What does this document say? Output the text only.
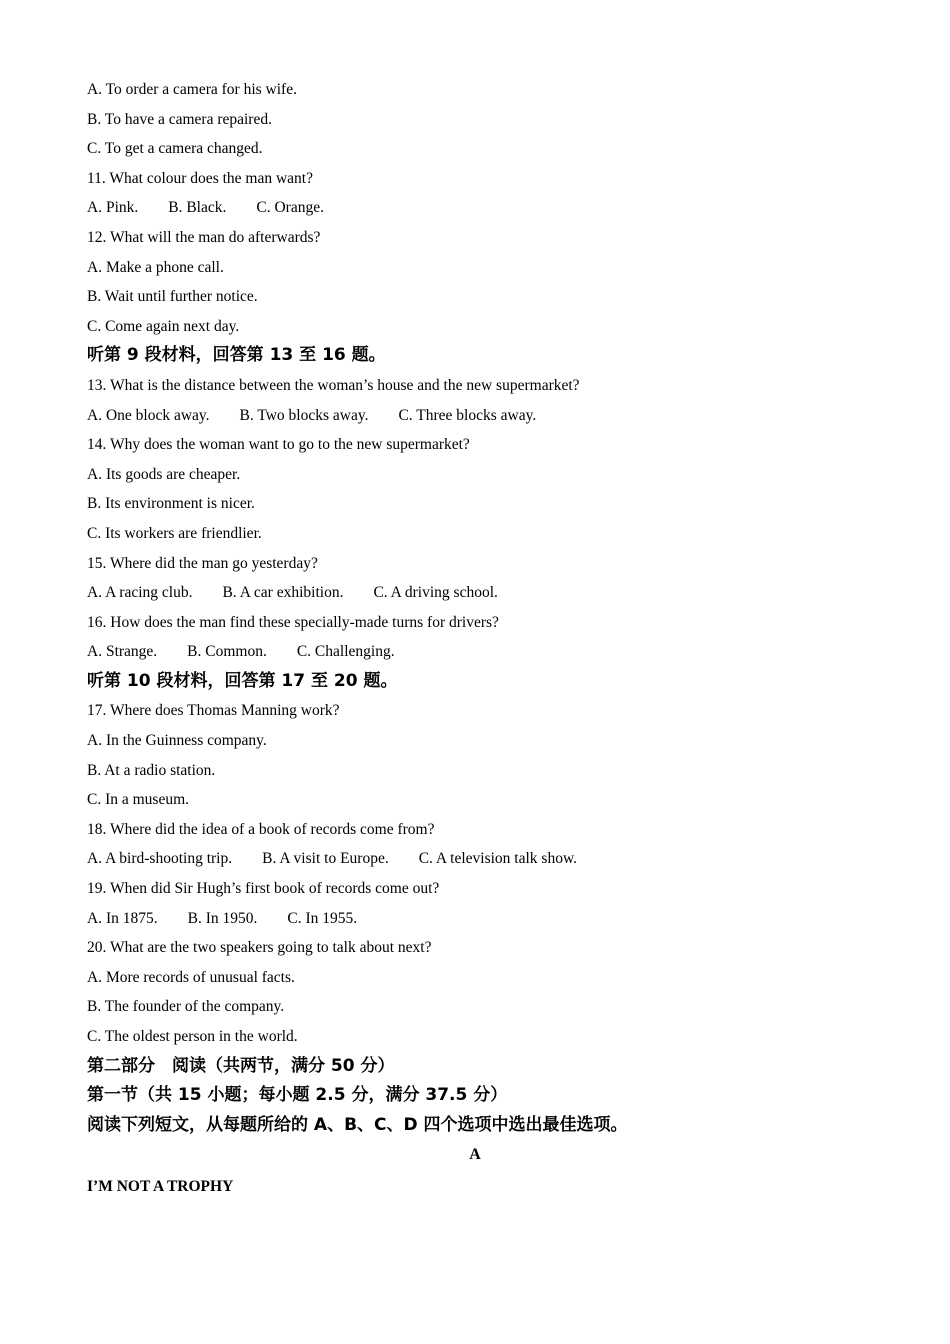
A. To order a camera for his wife.
B. To have a camera repaired.
C. To get a camera changed.
11. What colour does the man want?
A. Pink. B. Black. C. Orange.
12. What will the man do afterwards?
A. Make a phone call.
B. Wait until further notice.
C. Come again next day.
听第 9 段材料，回答第 13 至 16 题。
13. What is the distance between the woman’s house and the new supermarket?
A. One block away. B. Two blocks away. C. Three blocks away.
14. Why does the woman want to go to the new supermarket?
A. Its goods are cheaper.
B. Its environment is nicer.
C. Its workers are friendlier.
15. Where did the man go yesterday?
A. A racing club. B. A car exhibition. C. A driving school.
16. How does the man find these specially-made turns for drivers?
A. Strange. B. Common. C. Challenging.
听第 10 段材料，回答第 17 至 20 题。
17. Where does Thomas Manning work?
A. In the Guinness company.
B. At a radio station.
C. In a museum.
18. Where did the idea of a book of records come from?
A. A bird-shooting trip. B. A visit to Europe. C. A television talk show.
19. When did Sir Hugh’s first book of records come out?
A. In 1875. B. In 1950. C. In 1955.
20. What are the two speakers going to talk about next?
A. More records of unusual facts.
B. The founder of the company.
C. The oldest person in the world.
第二部分　阅读（共两节，满分 50 分）
第一节（共 15 小题；每小题 2.5 分，满分 37.5 分）
阅读下列短文，从每题所给的 A、B、C、D 四个选项中选出最佳选项。
A
I’M NOT A TROPHY
